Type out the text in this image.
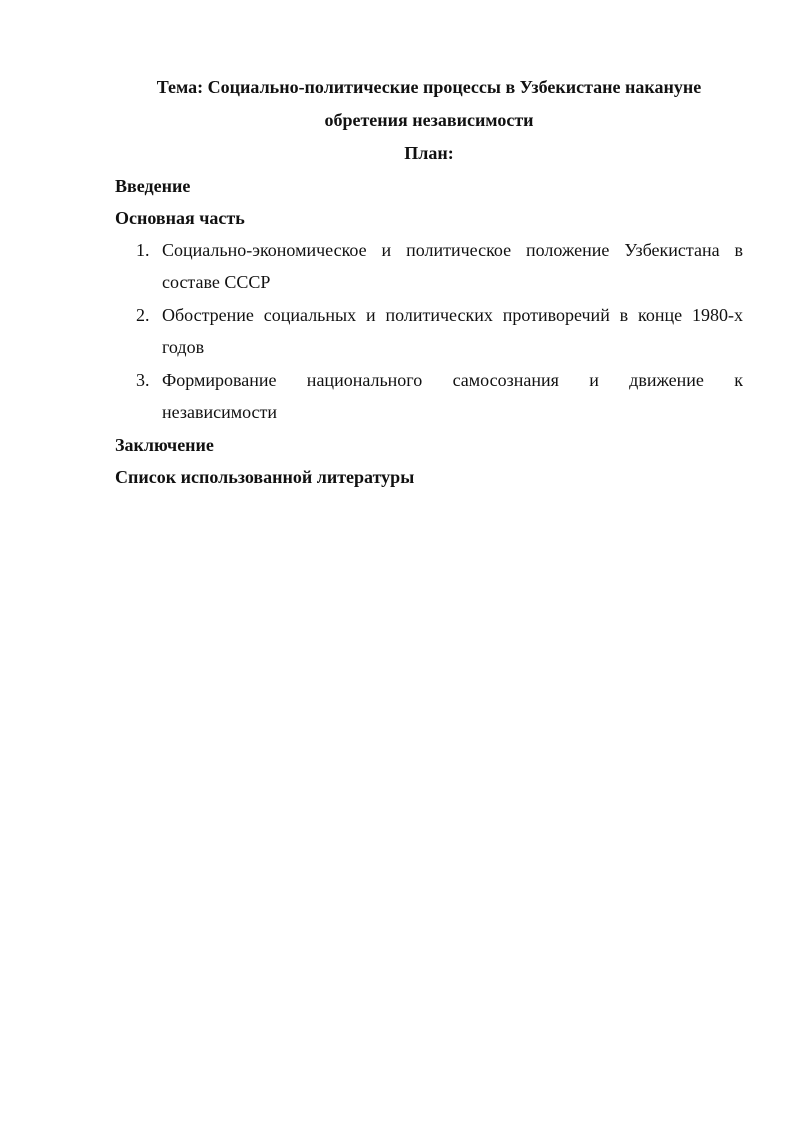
Тема: Социально-политические процессы в Узбекистане накануне
обретения независимости
План:
Введение
Основная часть
1. Социально-экономическое и политическое положение Узбекистана в
составе СССР
2. Обострение социальных и политических противоречий в конце 1980-х
годов
3. Формирование национального самосознания и движение к
независимости
Заключение
Список использованной литературы
